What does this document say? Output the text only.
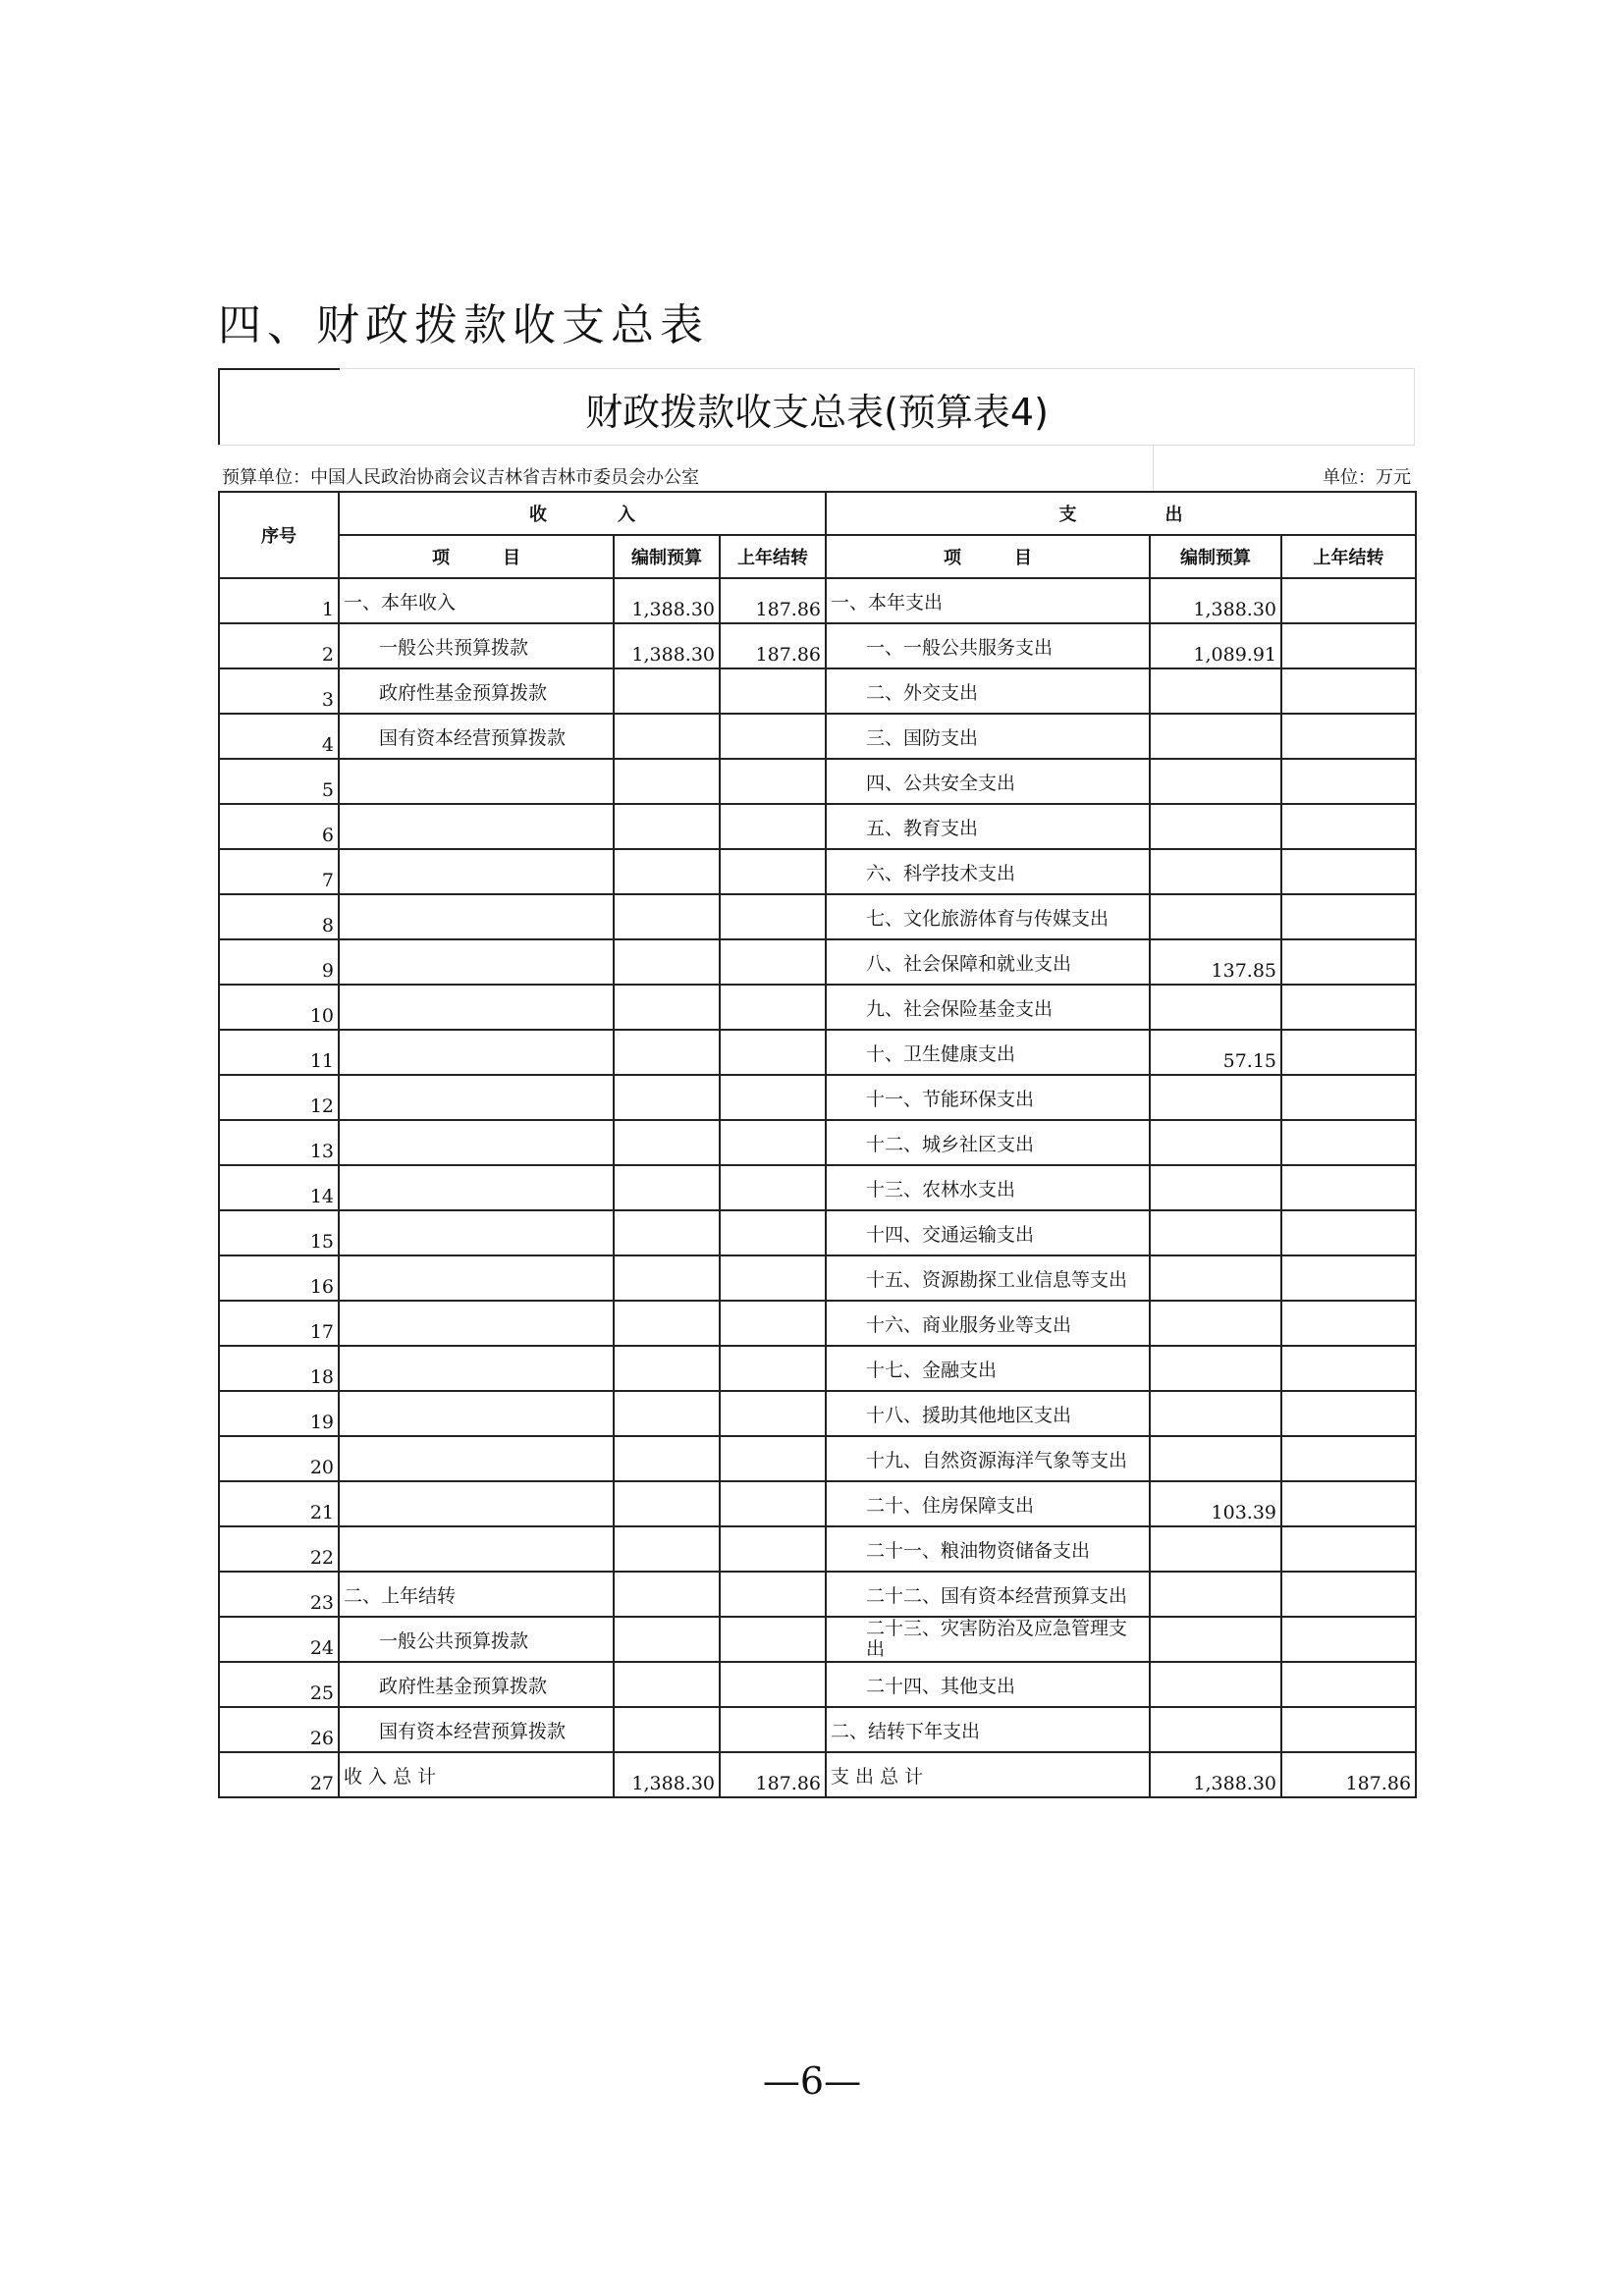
四、财政拨款收支总表
财政拨款收支总表(预算表4)
预算单位：中国人民政治协商会议吉林省吉林市委员会办公室	单位：万元
序号	收　　　　入			支　　　　　出		
	项　　　目	编制预算	上年结转	项　　　目	编制预算	上年结转
1	一、本年收入	1,388.30	187.86	一、本年支出	1,388.30	
2	一般公共预算拨款	1,388.30	187.86	一、一般公共服务支出	1,089.91	
3	政府性基金预算拨款			二、外交支出		
4	国有资本经营预算拨款			三、国防支出		
5				四、公共安全支出		
6				五、教育支出		
7				六、科学技术支出		
8				七、文化旅游体育与传媒支出		
9				八、社会保障和就业支出	137.85	
10				九、社会保险基金支出		
11				十、卫生健康支出	57.15	
12				十一、节能环保支出		
13				十二、城乡社区支出		
14				十三、农林水支出		
15				十四、交通运输支出		
16				十五、资源勘探工业信息等支出		
17				十六、商业服务业等支出		
18				十七、金融支出		
19				十八、援助其他地区支出		
20				十九、自然资源海洋气象等支出		
21				二十、住房保障支出	103.39	
22				二十一、粮油物资储备支出		
23	二、上年结转			二十二、国有资本经营预算支出		
24	一般公共预算拨款			二十三、灾害防治及应急管理支出		
25	政府性基金预算拨款			二十四、其他支出		
26	国有资本经营预算拨款			二、结转下年支出		
27	收 入 总 计	1,388.30	187.86	支 出 总 计	1,388.30	187.86
—6—
